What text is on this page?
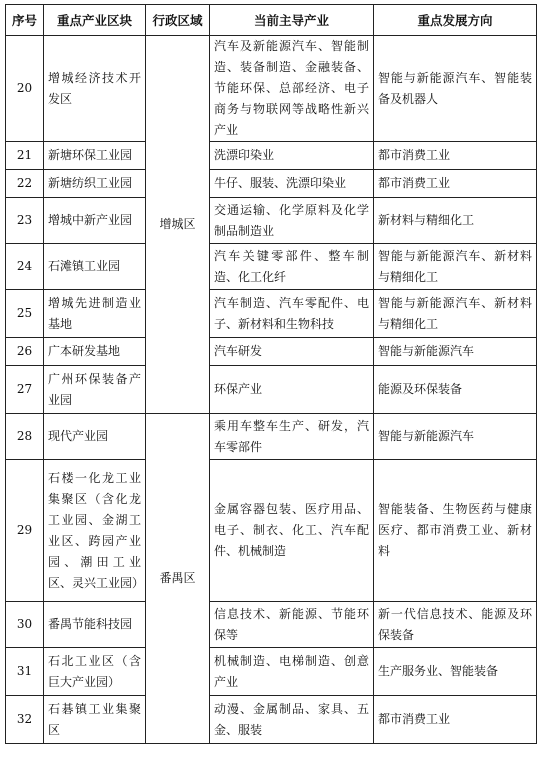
序号	重点产业区块	行政区域	当前主导产业	重点发展方向
20	增城经济技术开发区	增城区	汽车及新能源汽车、智能制造、装备制造、金融装备、节能环保、总部经济、电子商务与物联网等战略性新兴产业	智能与新能源汽车、智能装备及机器人

21	新塘环保工业园		洗漂印染业	都市消费工业

22	新塘纺织工业园		牛仔、服装、洗漂印染业	都市消费工业

23	增城中新产业园		交通运输、化学原料及化学制品制造业	新材料与精细化工

24	石滩镇工业园		汽车关键零部件、整车制造、化工化纤	智能与新能源汽车、新材料与精细化工

25	增城先进制造业基地		汽车制造、汽车零配件、电子、新材料和生物科技	智能与新能源汽车、新材料与精细化工

26	广本研发基地		汽车研发	智能与新能源汽车

27	广州环保装备产业园		环保产业	能源及环保装备

28	现代产业园	番禺区	乘用车整车生产、研发，汽车零部件	智能与新能源汽车

29	石楼一化龙工业集聚区（含化龙工业园、金湖工业区、跨园产业园、潮田工业区、灵兴工业园）		金属容器包装、医疗用品、电子、制衣、化工、汽车配件、机械制造	智能装备、生物医药与健康医疗、都市消费工业、新材料

30	番禺节能科技园		信息技术、新能源、节能环保等	新一代信息技术、能源及环保装备

31	石北工业区（含巨大产业园）		机械制造、电梯制造、创意产业	生产服务业、智能装备

32	石碁镇工业集聚区		动漫、金属制品、家具、五金、服装	都市消费工业
